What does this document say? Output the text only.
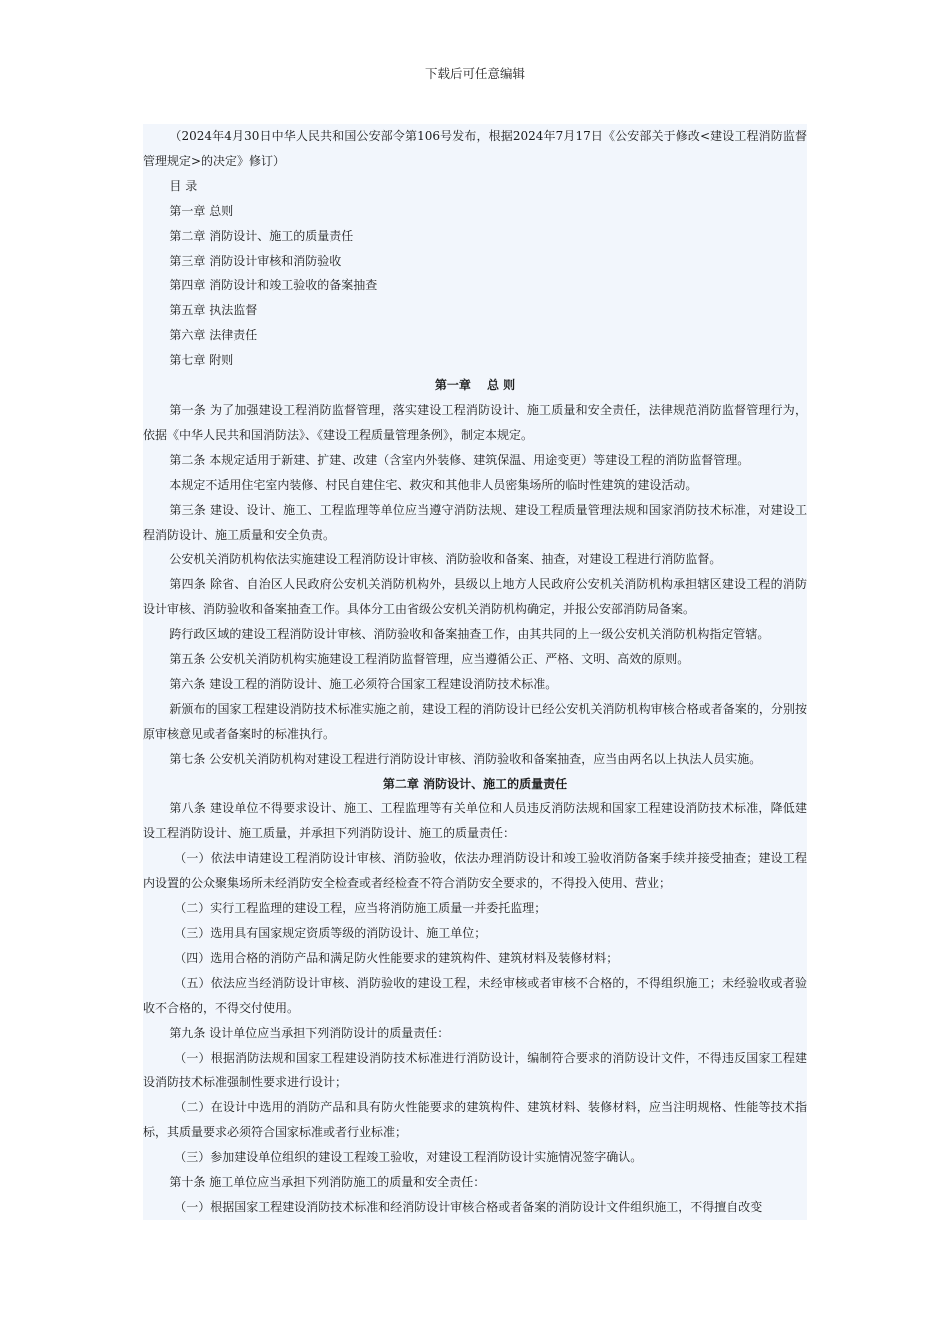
下载后可任意编辑

（2024年4月30日中华人民共和国公安部令第106号发布，根据2024年7月17日《公安部关于修改<建设工程消防监督管理规定>的决定》修订）

目 录

第一章 总则

第二章 消防设计、施工的质量责任

第三章 消防设计审核和消防验收

第四章 消防设计和竣工验收的备案抽查

第五章 执法监督

第六章 法律责任

第七章 附则

第一章　 总 则

第一条 为了加强建设工程消防监督管理，落实建设工程消防设计、施工质量和安全责任，法律规范消防监督管理行为，依据《中华人民共和国消防法》、《建设工程质量管理条例》，制定本规定。

第二条 本规定适用于新建、扩建、改建（含室内外装修、建筑保温、用途变更）等建设工程的消防监督管理。

本规定不适用住宅室内装修、村民自建住宅、救灾和其他非人员密集场所的临时性建筑的建设活动。

第三条 建设、设计、施工、工程监理等单位应当遵守消防法规、建设工程质量管理法规和国家消防技术标准，对建设工程消防设计、施工质量和安全负责。

公安机关消防机构依法实施建设工程消防设计审核、消防验收和备案、抽查，对建设工程进行消防监督。

第四条 除省、自治区人民政府公安机关消防机构外，县级以上地方人民政府公安机关消防机构承担辖区建设工程的消防设计审核、消防验收和备案抽查工作。具体分工由省级公安机关消防机构确定，并报公安部消防局备案。

跨行政区域的建设工程消防设计审核、消防验收和备案抽查工作，由其共同的上一级公安机关消防机构指定管辖。

第五条 公安机关消防机构实施建设工程消防监督管理，应当遵循公正、严格、文明、高效的原则。

第六条 建设工程的消防设计、施工必须符合国家工程建设消防技术标准。

新颁布的国家工程建设消防技术标准实施之前，建设工程的消防设计已经公安机关消防机构审核合格或者备案的，分别按原审核意见或者备案时的标准执行。

第七条 公安机关消防机构对建设工程进行消防设计审核、消防验收和备案抽查，应当由两名以上执法人员实施。

第二章 消防设计、施工的质量责任

第八条 建设单位不得要求设计、施工、工程监理等有关单位和人员违反消防法规和国家工程建设消防技术标准，降低建设工程消防设计、施工质量，并承担下列消防设计、施工的质量责任：

（一）依法申请建设工程消防设计审核、消防验收，依法办理消防设计和竣工验收消防备案手续并接受抽查；建设工程内设置的公众聚集场所未经消防安全检查或者经检查不符合消防安全要求的，不得投入使用、营业；

（二）实行工程监理的建设工程，应当将消防施工质量一并委托监理；

（三）选用具有国家规定资质等级的消防设计、施工单位；

（四）选用合格的消防产品和满足防火性能要求的建筑构件、建筑材料及装修材料；

（五）依法应当经消防设计审核、消防验收的建设工程，未经审核或者审核不合格的，不得组织施工；未经验收或者验收不合格的，不得交付使用。

第九条 设计单位应当承担下列消防设计的质量责任：

（一）根据消防法规和国家工程建设消防技术标准进行消防设计，编制符合要求的消防设计文件，不得违反国家工程建设消防技术标准强制性要求进行设计；

（二）在设计中选用的消防产品和具有防火性能要求的建筑构件、建筑材料、装修材料，应当注明规格、性能等技术指标，其质量要求必须符合国家标准或者行业标准；

（三）参加建设单位组织的建设工程竣工验收，对建设工程消防设计实施情况签字确认。

第十条 施工单位应当承担下列消防施工的质量和安全责任：

（一）根据国家工程建设消防技术标准和经消防设计审核合格或者备案的消防设计文件组织施工，不得擅自改变
